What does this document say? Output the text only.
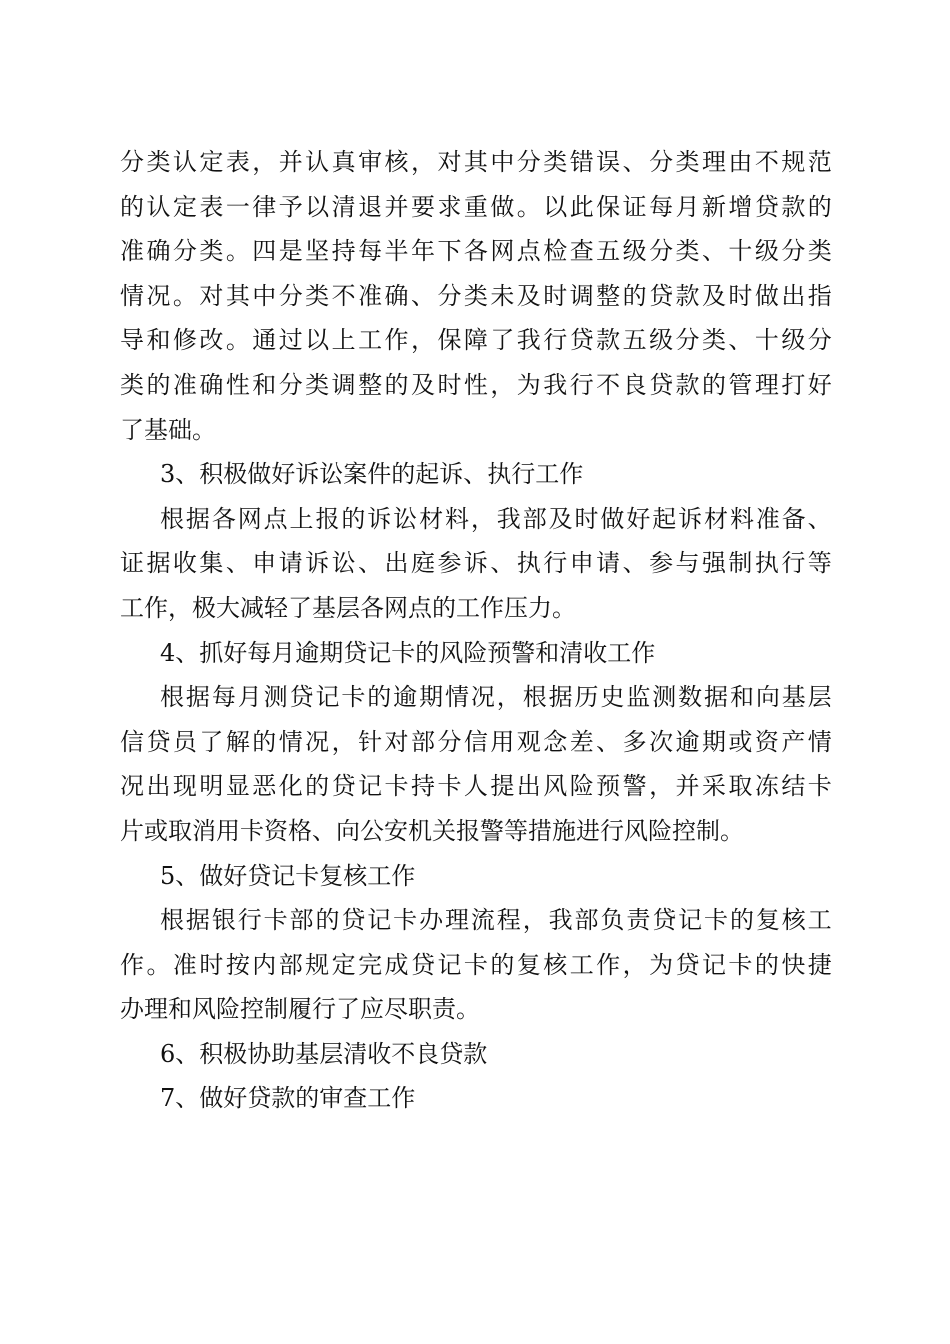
分 类 认 定 表 ， 并 认 真 审 核 ， 对 其 中 分 类 错 误 、 分 类 理 由 不 规 范
的 认 定 表 一 律 予 以 清 退 并 要 求 重 做 。 以 此 保 证 每 月 新 增 贷 款 的
准 确 分 类 。 四 是 坚 持 每 半 年 下 各 网 点 检 查 五 级 分 类 、 十 级 分 类
情 况 。 对 其 中 分 类 不 准 确 、 分 类 未 及 时 调 整 的 贷 款 及 时 做 出 指
导 和 修 改 。 通 过 以 上 工 作 ， 保 障 了 我 行 贷 款 五 级 分 类 、 十 级 分
类 的 准 确 性 和 分 类 调 整 的 及 时 性 ， 为 我 行 不 良 贷 款 的 管 理 打 好
了基础。
3、积极做好诉讼案件的起诉、执行工作
根 据 各 网 点 上 报 的 诉 讼 材 料 ， 我 部 及 时 做 好 起 诉 材 料 准 备 、
证 据 收 集 、 申 请 诉 讼 、 出 庭 参 诉 、 执 行 申 请 、 参 与 强 制 执 行 等
工作，极大减轻了基层各网点的工作压力。
4、抓好每月逾期贷记卡的风险预警和清收工作
根 据 每 月 测 贷 记 卡 的 逾 期 情 况 ， 根 据 历 史 监 测 数 据 和 向 基 层
信 贷 员 了 解 的 情 况 ， 针 对 部 分 信 用 观 念 差 、 多 次 逾 期 或 资 产 情
况 出 现 明 显 恶 化 的 贷 记 卡 持 卡 人 提 出 风 险 预 警 ， 并 采 取 冻 结 卡
片或取消用卡资格、向公安机关报警等措施进行风险控制。
5、做好贷记卡复核工作
根 据 银 行 卡 部 的 贷 记 卡 办 理 流 程 ， 我 部 负 责 贷 记 卡 的 复 核 工
作 。 准 时 按 内 部 规 定 完 成 贷 记 卡 的 复 核 工 作 ， 为 贷 记 卡 的 快 捷
办理和风险控制履行了应尽职责。
6、积极协助基层清收不良贷款
7、做好贷款的审查工作
